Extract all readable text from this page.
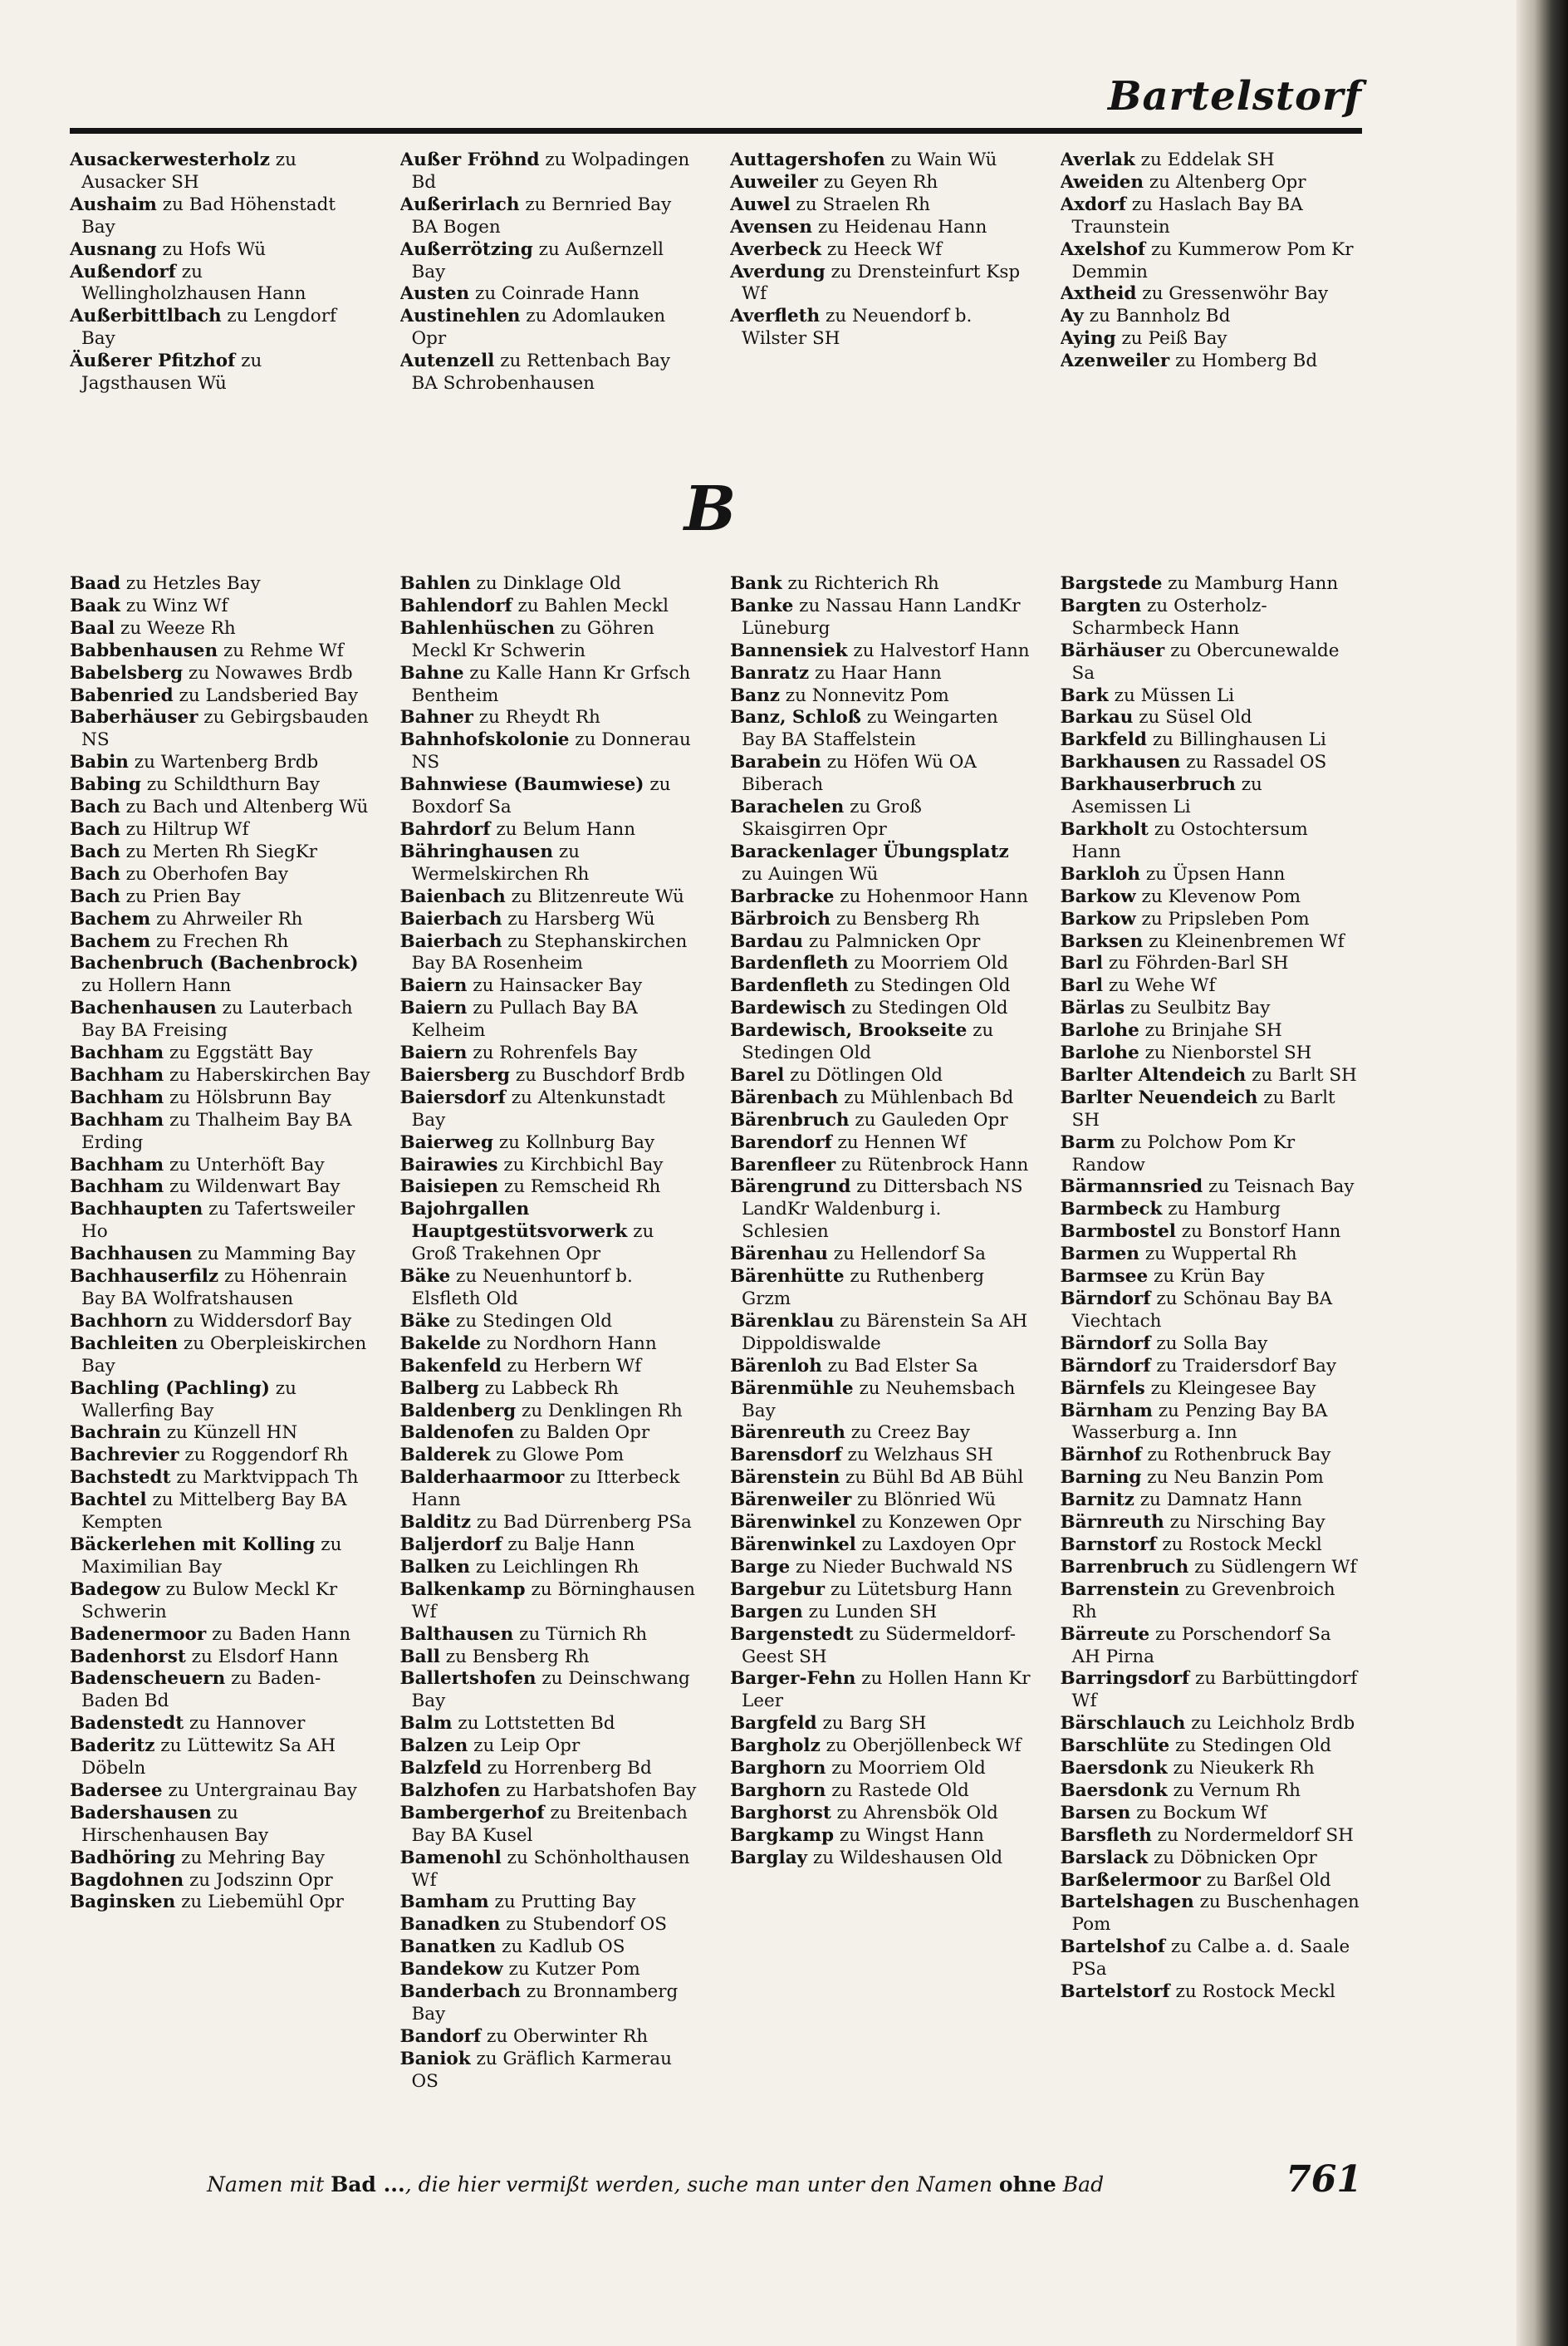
Bartelstorf
Ausackerwesterholz zu Ausacker SH
Aushaim zu Bad Höhenstadt Bay
Ausnang zu Hofs Wü
Außendorf zu Wellingholzhausen Hann
Außerbittlbach zu Lengdorf Bay
Äußerer Pfitzhof zu Jagsthausen Wü
Außer Fröhnd zu Wolpadingen Bd
Außerirlach zu Bernried Bay BA Bogen
Außerrötzing zu Außernzell Bay
Austen zu Coinrade Hann
Austinehlen zu Adomlauken Opr
Autenzell zu Rettenbach Bay BA Schrobenhausen
Auttagershofen zu Wain Wü
Auweiler zu Geyen Rh
Auwel zu Straelen Rh
Avensen zu Heidenau Hann
Averbeck zu Heeck Wf
Averdung zu Drensteinfurt Ksp Wf
Averfleth zu Neuendorf b. Wilster SH
Averlak zu Eddelak SH
Aweiden zu Altenberg Opr
Axdorf zu Haslach Bay BA Traunstein
Axelshof zu Kummerow Pom Kr Demmin
Axtheid zu Gressenwöhr Bay
Ay zu Bannholz Bd
Aying zu Peiß Bay
Azenweiler zu Homberg Bd
B
Baad zu Hetzles Bay
Baak zu Winz Wf
Baal zu Weeze Rh
Babbenhausen zu Rehme Wf
Babelsberg zu Nowawes Brdb
Babenried zu Landsberied Bay
Baberhäuser zu Gebirgsbauden NS
Babin zu Wartenberg Brdb
Babing zu Schildthurn Bay
Bach zu Bach und Altenberg Wü
Bach zu Hiltrup Wf
Bach zu Merten Rh SiegKr
Bach zu Oberhofen Bay
Bach zu Prien Bay
Bachem zu Ahrweiler Rh
Bachem zu Frechen Rh
Bachenbruch (Bachenbrock) zu Hollern Hann
Bachenhausen zu Lauterbach Bay BA Freising
Bachham zu Eggstätt Bay
Bachham zu Haberskirchen Bay
Bachham zu Hölsbrunn Bay
Bachham zu Thalheim Bay BA Erding
Bachham zu Unterhöft Bay
Bachham zu Wildenwart Bay
Bachhaupten zu Tafertsweiler Ho
Bachhausen zu Mamming Bay
Bachhauserfilz zu Höhenrain Bay BA Wolfratshausen
Bachhorn zu Widdersdorf Bay
Bachleiten zu Oberpleiskirchen Bay
Bachling (Pachling) zu Wallerfing Bay
Bachrain zu Künzell HN
Bachrevier zu Roggendorf Rh
Bachstedt zu Marktvippach Th
Bachtel zu Mittelberg Bay BA Kempten
Bäckerlehen mit Kolling zu Maximilian Bay
Badegow zu Bulow Meckl Kr Schwerin
Badenermoor zu Baden Hann
Badenhorst zu Elsdorf Hann
Badenscheuern zu Baden-Baden Bd
Badenstedt zu Hannover
Baderitz zu Lüttewitz Sa AH Döbeln
Badersee zu Untergrainau Bay
Badershausen zu Hirschenhausen Bay
Badhöring zu Mehring Bay
Bagdohnen zu Jodszinn Opr
Baginsken zu Liebemühl Opr
Bahlen zu Dinklage Old
Bahlendorf zu Bahlen Meckl
Bahlenhüschen zu Göhren Meckl Kr Schwerin
Bahne zu Kalle Hann Kr Grfsch Bentheim
Bahner zu Rheydt Rh
Bahnhofskolonie zu Donnerau NS
Bahnwiese (Baumwiese) zu Boxdorf Sa
Bahrdorf zu Belum Hann
Bähringhausen zu Wermelskirchen Rh
Baienbach zu Blitzenreute Wü
Baierbach zu Harsberg Wü
Baierbach zu Stephanskirchen Bay BA Rosenheim
Baiern zu Hainsacker Bay
Baiern zu Pullach Bay BA Kelheim
Baiern zu Rohrenfels Bay
Baiersberg zu Buschdorf Brdb
Baiersdorf zu Altenkunstadt Bay
Baierweg zu Kollnburg Bay
Bairawies zu Kirchbichl Bay
Baisiepen zu Remscheid Rh
Bajohrgallen Hauptgestütsvorwerk zu Groß Trakehnen Opr
Bäke zu Neuenhuntorf b. Elsfleth Old
Bäke zu Stedingen Old
Bakelde zu Nordhorn Hann
Bakenfeld zu Herbern Wf
Balberg zu Labbeck Rh
Baldenberg zu Denklingen Rh
Baldenofen zu Balden Opr
Balderek zu Glowe Pom
Balderhaarmoor zu Itterbeck Hann
Balditz zu Bad Dürrenberg PSa
Baljerdorf zu Balje Hann
Balken zu Leichlingen Rh
Balkenkamp zu Börninghausen Wf
Balthausen zu Türnich Rh
Ball zu Bensberg Rh
Ballertshofen zu Deinschwang Bay
Balm zu Lottstetten Bd
Balzen zu Leip Opr
Balzfeld zu Horrenberg Bd
Balzhofen zu Harbatshofen Bay
Bambergerhof zu Breitenbach Bay BA Kusel
Bamenohl zu Schönholthausen Wf
Bamham zu Prutting Bay
Banadken zu Stubendorf OS
Banatken zu Kadlub OS
Bandekow zu Kutzer Pom
Banderbach zu Bronnamberg Bay
Bandorf zu Oberwinter Rh
Baniok zu Gräflich Karmerau OS
Bank zu Richterich Rh
Banke zu Nassau Hann LandKr Lüneburg
Bannensiek zu Halvestorf Hann
Banratz zu Haar Hann
Banz zu Nonnevitz Pom
Banz, Schloß zu Weingarten Bay BA Staffelstein
Barabein zu Höfen Wü OA Biberach
Barachelen zu Groß Skaisgirren Opr
Barackenlager Übungsplatz zu Auingen Wü
Barbracke zu Hohenmoor Hann
Bärbroich zu Bensberg Rh
Bardau zu Palmnicken Opr
Bardenfleth zu Moorriem Old
Bardenfleth zu Stedingen Old
Bardewisch zu Stedingen Old
Bardewisch, Brookseite zu Stedingen Old
Barel zu Dötlingen Old
Bärenbach zu Mühlenbach Bd
Bärenbruch zu Gauleden Opr
Barendorf zu Hennen Wf
Barenfleer zu Rütenbrock Hann
Bärengrund zu Dittersbach NS LandKr Waldenburg i. Schlesien
Bärenhau zu Hellendorf Sa
Bärenhütte zu Ruthenberg Grzm
Bärenklau zu Bärenstein Sa AH Dippoldiswalde
Bärenloh zu Bad Elster Sa
Bärenmühle zu Neuhemsbach Bay
Bärenreuth zu Creez Bay
Barensdorf zu Welzhaus SH
Bärenstein zu Bühl Bd AB Bühl
Bärenweiler zu Blönried Wü
Bärenwinkel zu Konzewen Opr
Bärenwinkel zu Laxdoyen Opr
Barge zu Nieder Buchwald NS
Bargebur zu Lütetsburg Hann
Bargen zu Lunden SH
Bargenstedt zu Südermeldorf-Geest SH
Barger-Fehn zu Hollen Hann Kr Leer
Bargfeld zu Barg SH
Bargholz zu Oberjöllenbeck Wf
Barghorn zu Moorriem Old
Barghorn zu Rastede Old
Barghorst zu Ahrensbök Old
Bargkamp zu Wingst Hann
Barglay zu Wildeshausen Old
Bargstede zu Mamburg Hann
Bargten zu Osterholz-Scharmbeck Hann
Bärhäuser zu Obercunewalde Sa
Bark zu Müssen Li
Barkau zu Süsel Old
Barkfeld zu Billinghausen Li
Barkhausen zu Rassadel OS
Barkhauserbruch zu Asemissen Li
Barkholt zu Ostochtersum Hann
Barkloh zu Üpsen Hann
Barkow zu Klevenow Pom
Barkow zu Pripsleben Pom
Barksen zu Kleinenbremen Wf
Barl zu Föhrden-Barl SH
Barl zu Wehe Wf
Bärlas zu Seulbitz Bay
Barlohe zu Brinjahe SH
Barlohe zu Nienborstel SH
Barlter Altendeich zu Barlt SH
Barlter Neuendeich zu Barlt SH
Barm zu Polchow Pom Kr Randow
Bärmannsried zu Teisnach Bay
Barmbeck zu Hamburg
Barmbostel zu Bonstorf Hann
Barmen zu Wuppertal Rh
Barmsee zu Krün Bay
Bärndorf zu Schönau Bay BA Viechtach
Bärndorf zu Solla Bay
Bärndorf zu Traidersdorf Bay
Bärnfels zu Kleingesee Bay
Bärnham zu Penzing Bay BA Wasserburg a. Inn
Bärnhof zu Rothenbruck Bay
Barning zu Neu Banzin Pom
Barnitz zu Damnatz Hann
Bärnreuth zu Nirsching Bay
Barnstorf zu Rostock Meckl
Barrenbruch zu Südlengern Wf
Barrenstein zu Grevenbroich Rh
Bärreute zu Porschendorf Sa AH Pirna
Barringsdorf zu Barbüttingdorf Wf
Bärschlauch zu Leichholz Brdb
Barschlüte zu Stedingen Old
Baersdonk zu Nieukerk Rh
Baersdonk zu Vernum Rh
Barsen zu Bockum Wf
Barsfleth zu Nordermeldorf SH
Barslack zu Döbnicken Opr
Barßelermoor zu Barßel Old
Bartelshagen zu Buschenhagen Pom
Bartelshof zu Calbe a. d. Saale PSa
Bartelstorf zu Rostock Meckl
Namen mit Bad ..., die hier vermißt werden, suche man unter den Namen ohne Bad	761
